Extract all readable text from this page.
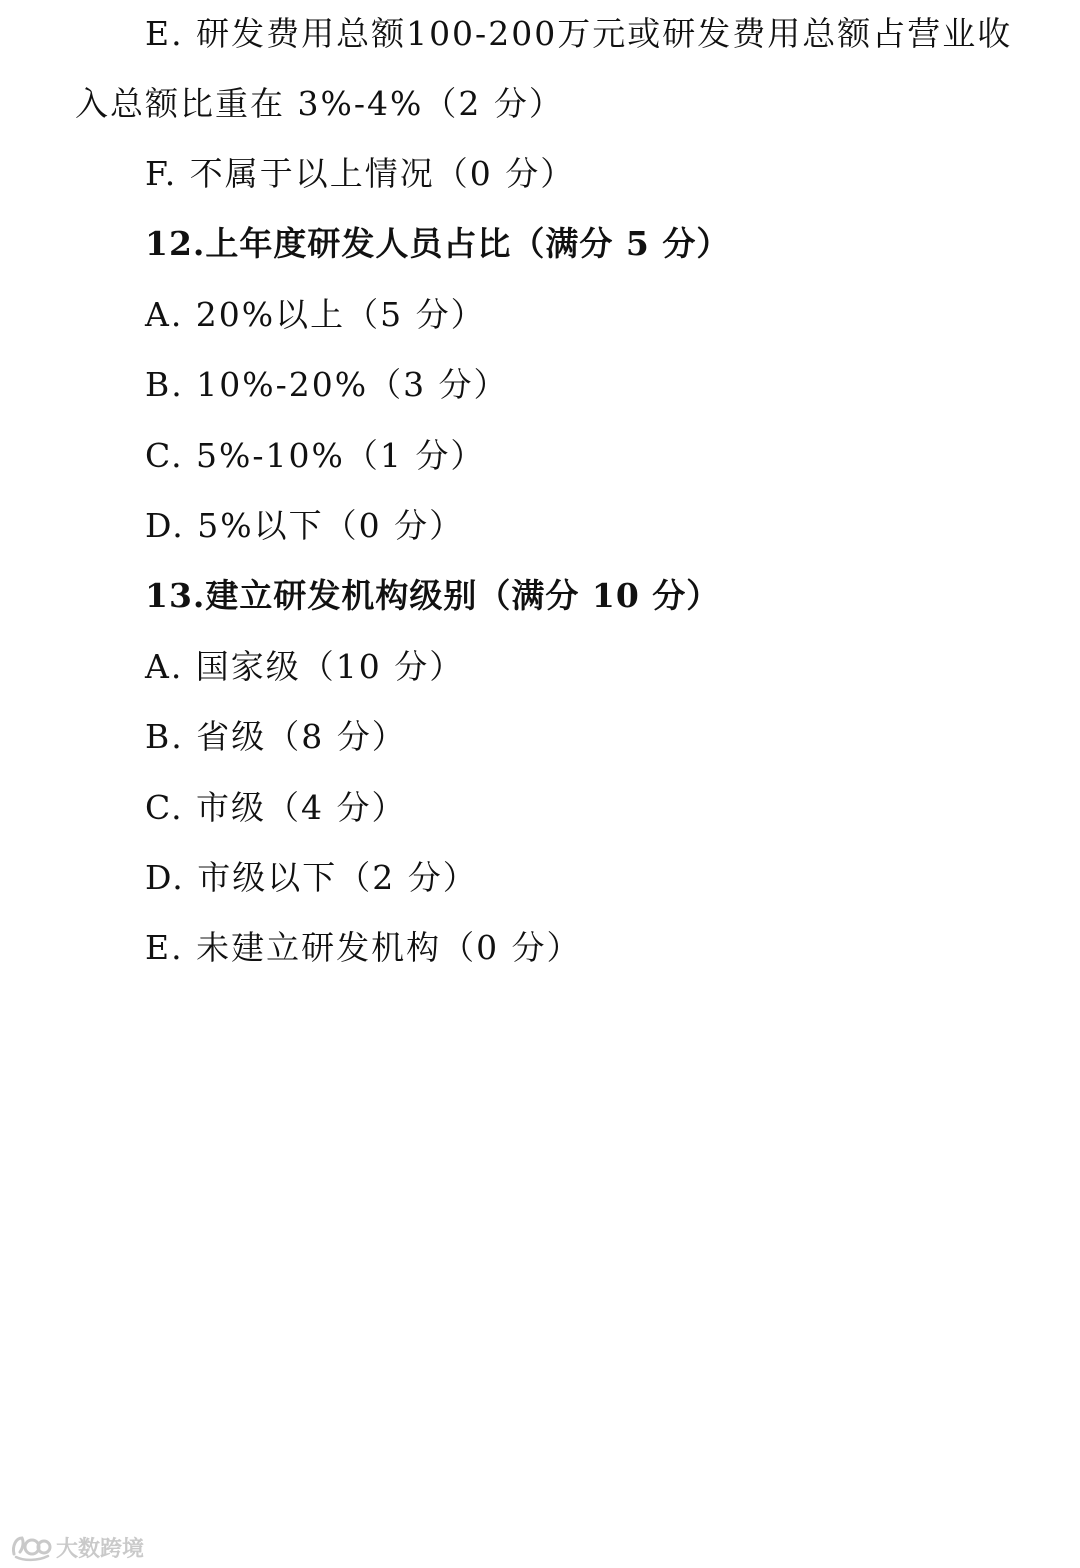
E. 研发费用总额100-200万元或研发费用总额占营业收
入总额比重在 3%-4%（2 分）
F. 不属于以上情况（0 分）
12.上年度研发人员占比（满分 5 分）
A. 20%以上（5 分）
B. 10%-20%（3 分）
C. 5%-10%（1 分）
D. 5%以下（0 分）
13.建立研发机构级别（满分 10 分）
A. 国家级（10 分）
B. 省级（8 分）
C. 市级（4 分）
D. 市级以下（2 分）
E. 未建立研发机构（0 分）
大数跨境
